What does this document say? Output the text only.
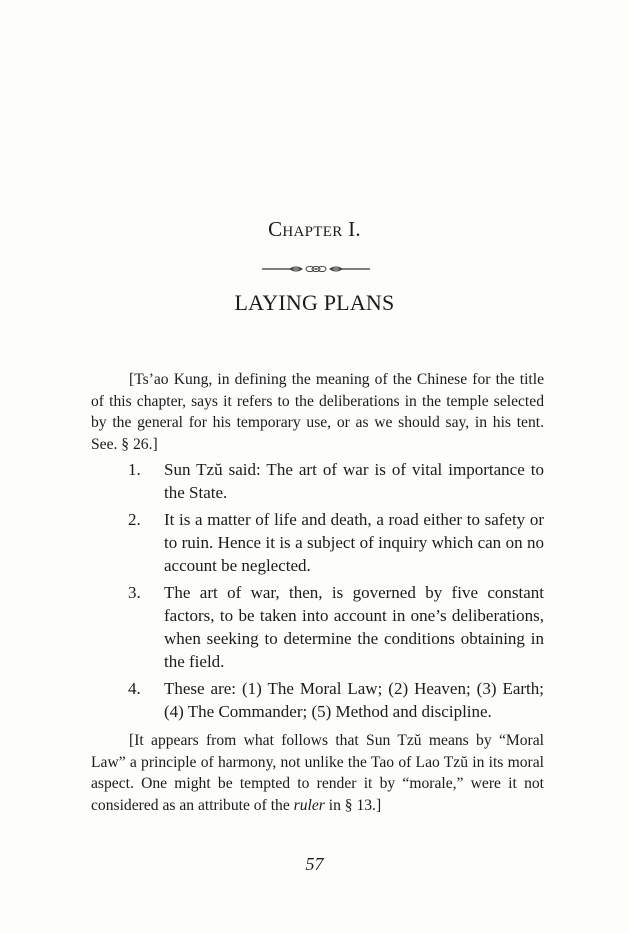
Chapter I.
LAYING PLANS

[Ts’ao Kung, in defining the meaning of the Chinese for the title of this chapter, says it refers to the deliberations in the temple selected by the general for his temporary use, or as we should say, in his tent. See. § 26.]

1. Sun Tzŭ said: The art of war is of vital importance to the State.
2. It is a matter of life and death, a road either to safety or to ruin. Hence it is a subject of inquiry which can on no account be neglected.
3. The art of war, then, is governed by five constant factors, to be taken into account in one’s deliberations, when seeking to determine the conditions obtaining in the field.
4. These are: (1) The Moral Law; (2) Heaven; (3) Earth; (4) The Commander; (5) Method and discipline.

[It appears from what follows that Sun Tzŭ means by “Moral Law” a principle of harmony, not unlike the Tao of Lao Tzŭ in its moral aspect. One might be tempted to render it by “morale,” were it not considered as an attribute of the ruler in § 13.]

57
